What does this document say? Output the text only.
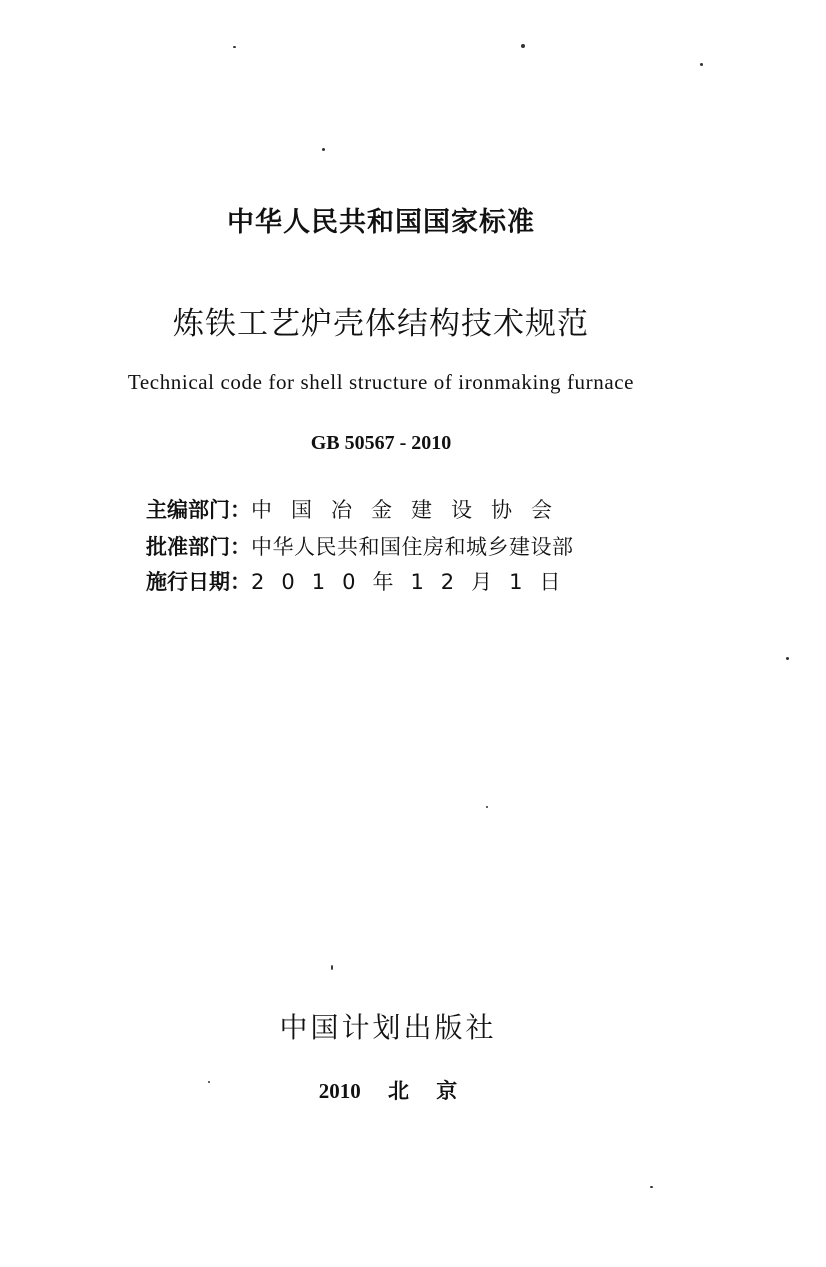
中华人民共和国国家标准
炼铁工艺炉壳体结构技术规范
Technical code for shell structure of ironmaking furnace
GB 50567 - 2010
主编部门： 中国冶金建设协会
批准部门： 中华人民共和国住房和城乡建设部
施行日期： 2010年12月1日
中国计划出版社
2010 北 京
